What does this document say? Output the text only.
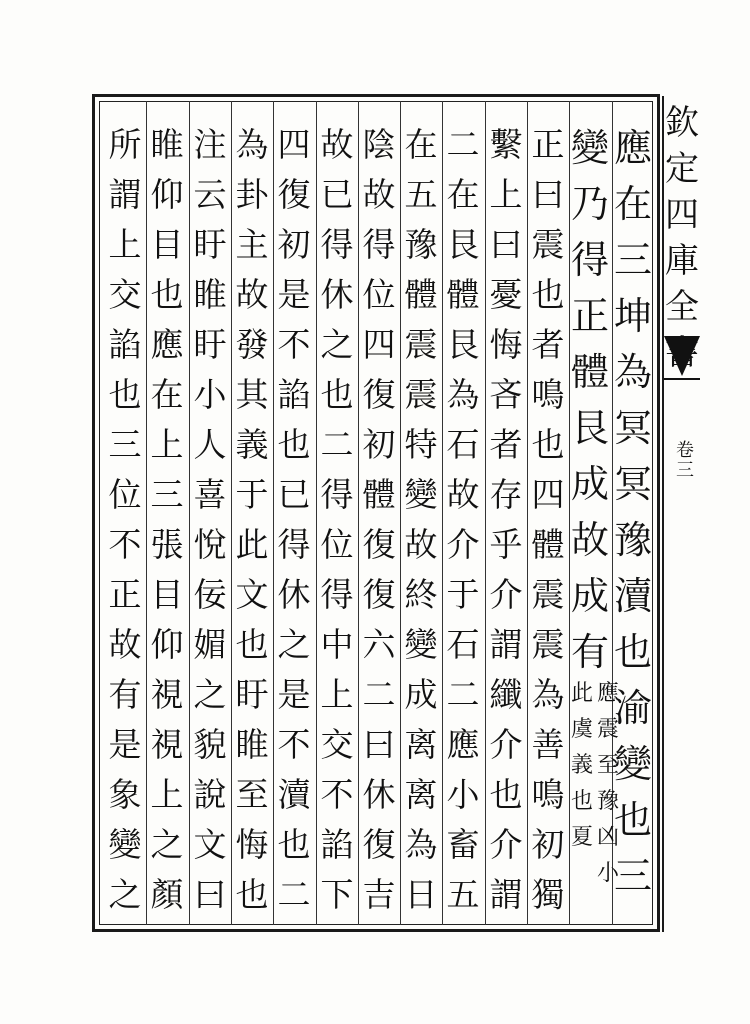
欽
定
四
庫
全
書
卷三
應
在
三
坤
為
冥
冥
豫
瀆
也
渝
變
也
三
變
乃
得
正
體
艮
成
故
成
有
應
震
至
豫
凶
小
此
虞
義
也
夏
正
曰
震
也
者
鳴
也
四
體
震
震
為
善
鳴
初
獨
繫
上
曰
憂
悔
吝
者
存
乎
介
謂
纖
介
也
介
謂
二
在
艮
體
艮
為
石
故
介
于
石
二
應
小
畜
五
在
五
豫
體
震
震
特
變
故
終
變
成
离
离
為
日
陰
故
得
位
四
復
初
體
復
復
六
二
曰
休
復
吉
故
已
得
休
之
也
二
得
位
得
中
上
交
不
諂
下
四
復
初
是
不
諂
也
已
得
休
之
是
不
瀆
也
二
為
卦
主
故
發
其
義
于
此
文
也
盱
睢
至
悔
也
注
云
盱
睢
盱
小
人
喜
悅
佞
媚
之
貌
說
文
曰
睢
仰
目
也
應
在
上
三
張
目
仰
視
視
上
之
顏
所
謂
上
交
諂
也
三
位
不
正
故
有
是
象
變
之
